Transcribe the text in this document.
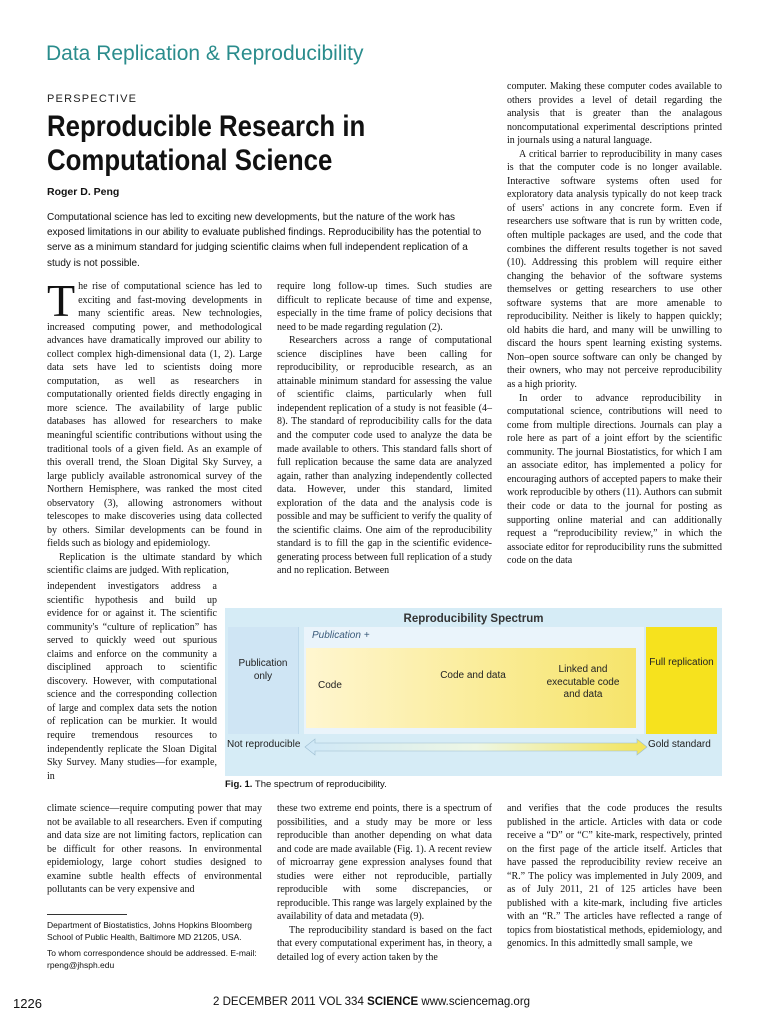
Data Replication & Reproducibility
PERSPECTIVE
Reproducible Research in Computational Science
Roger D. Peng
Computational science has led to exciting new developments, but the nature of the work has exposed limitations in our ability to evaluate published findings. Reproducibility has the potential to serve as a minimum standard for judging scientific claims when full independent replication of a study is not possible.

The rise of computational science has led to exciting and fast-moving developments in many scientific areas. New technologies, increased computing power, and methodological advances have dramatically improved our ability to collect complex high-dimensional data (1, 2). Large data sets have led to scientists doing more computation, as well as researchers in computationally oriented fields directly engaging in more science. The availability of large public databases has allowed for researchers to make meaningful scientific contributions without using the traditional tools of a given field. As an example of this overall trend, the Sloan Digital Sky Survey, a large publicly available astronomical survey of the Northern Hemisphere, was ranked the most cited observatory (3), allowing astronomers without telescopes to make discoveries using data collected by others. Similar developments can be found in fields such as biology and epidemiology.

Replication is the ultimate standard by which scientific claims are judged. With replication,

independent investigators address a scientific hypothesis and build up evidence for or against it. The scientific community's “culture of replication” has served to quickly weed out spurious claims and enforce on the community a disciplined approach to scientific discovery. However, with computational science and the corresponding collection of large and complex data sets the notion of replication can be murkier. It would require tremendous resources to independently replicate the Sloan Digital Sky Survey. Many studies—for example, in

climate science—require computing power that may not be available to all researchers. Even if computing and data size are not limiting factors, replication can be difficult for other reasons. In environmental epidemiology, large cohort studies designed to examine subtle health effects of environmental pollutants can be very expensive and

require long follow-up times. Such studies are difficult to replicate because of time and expense, especially in the time frame of policy decisions that need to be made regarding regulation (2).

Researchers across a range of computational science disciplines have been calling for reproducibility, or reproducible research, as an attainable minimum standard for assessing the value of scientific claims, particularly when full independent replication of a study is not feasible (4–8). The standard of reproducibility calls for the data and the computer code used to analyze the data be made available to others. This standard falls short of full replication because the same data are analyzed again, rather than analyzing independently collected data. However, under this standard, limited exploration of the data and the analysis code is possible and may be sufficient to verify the quality of the scientific claims. One aim of the reproducibility standard is to fill the gap in the scientific evidence-generating process between full replication of a study and no replication. Between

these two extreme end points, there is a spectrum of possibilities, and a study may be more or less reproducible than another depending on what data and code are made available (Fig. 1). A recent review of microarray gene expression analyses found that studies were either not reproducible, partially reproducible with some discrepancies, or reproducible. This range was largely explained by the availability of data and metadata (9).

The reproducibility standard is based on the fact that every computational experiment has, in theory, a detailed log of every action taken by the

computer. Making these computer codes available to others provides a level of detail regarding the analysis that is greater than the analagous noncomputational experimental descriptions printed in journals using a natural language.

A critical barrier to reproducibility in many cases is that the computer code is no longer available. Interactive software systems often used for exploratory data analysis typically do not keep track of users' actions in any concrete form. Even if researchers use software that is run by written code, often multiple packages are used, and the code that combines the different results together is not saved (10). Addressing this problem will require either changing the behavior of the software systems themselves or getting researchers to use other software systems that are more amenable to reproducibility. Neither is likely to happen quickly; old habits die hard, and many will be unwilling to discard the hours spent learning existing systems. Non–open source software can only be changed by their owners, who may not perceive reproducibility as a high priority.

In order to advance reproducibility in computational science, contributions will need to come from multiple directions. Journals can play a role here as part of a joint effort by the scientific community. The journal Biostatistics, for which I am an associate editor, has implemented a policy for encouraging authors of accepted papers to make their work reproducible by others (11). Authors can submit their code or data to the journal for posting as supporting online material and can additionally request a “reproducibility review,” in which the associate editor for reproducibility runs the submitted code on the data

and verifies that the code produces the results published in the article. Articles with data or code receive a “D” or “C” kite-mark, respectively, printed on the first page of the article itself. Articles that have passed the reproducibility review receive an “R.” The policy was implemented in July 2009, and as of July 2011, 21 of 125 articles have been published with a kite-mark, including five articles with an “R.” The articles have reflected a range of topics from biostatistical methods, epidemiology, and genomics. In this admittedly small sample, we

Reproducibility Spectrum
Publication only
Publication +
Code
Code and data
Linked and executable code and data
Full replication
Not reproducible	Gold standard
Fig. 1. The spectrum of reproducibility.

Department of Biostatistics, Johns Hopkins Bloomberg School of Public Health, Baltimore MD 21205, USA.

To whom correspondence should be addressed. E-mail: rpeng@jhsph.edu

1226	2 DECEMBER 2011 VOL 334 SCIENCE www.sciencemag.org
